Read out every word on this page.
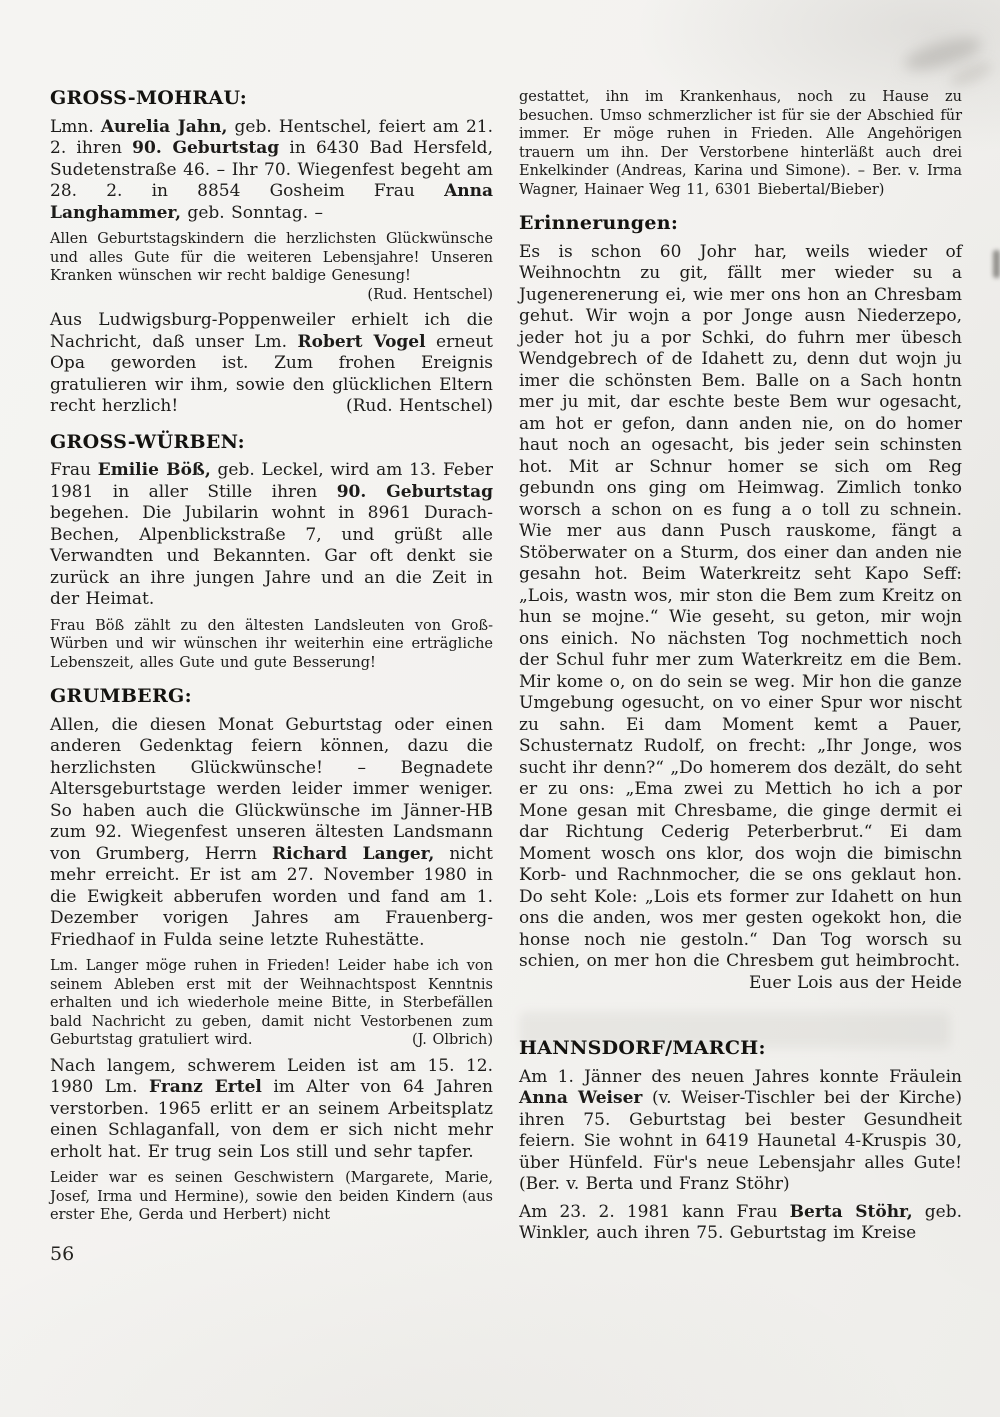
GROSS-MOHRAU:

Lmn. Aurelia Jahn, geb. Hentschel, feiert am 21. 2. ihren 90. Geburtstag in 6430 Bad Hersfeld, Sudetenstraße 46. – Ihr 70. Wiegenfest begeht am 28. 2. in 8854 Gosheim Frau Anna Langhammer, geb. Sonntag. –

Allen Geburtstagskindern die herzlichsten Glückwünsche und alles Gute für die weiteren Lebensjahre! Unseren Kranken wünschen wir recht baldige Genesung!
(Rud. Hentschel)

Aus Ludwigsburg-Poppenweiler erhielt ich die Nachricht, daß unser Lm. Robert Vogel erneut Opa geworden ist. Zum frohen Ereignis gratulieren wir ihm, sowie den glücklichen Eltern recht herzlich!	(Rud. Hentschel)

GROSS-WÜRBEN:

Frau Emilie Böß, geb. Leckel, wird am 13. Feber 1981 in aller Stille ihren 90. Geburtstag begehen. Die Jubilarin wohnt in 8961 Durach-Bechen, Alpenblickstraße 7, und grüßt alle Verwandten und Bekannten. Gar oft denkt sie zurück an ihre jungen Jahre und an die Zeit in der Heimat.

Frau Böß zählt zu den ältesten Landsleuten von Groß-Würben und wir wünschen ihr weiterhin eine erträgliche Lebenszeit, alles Gute und gute Besserung!

GRUMBERG:

Allen, die diesen Monat Geburtstag oder einen anderen Gedenktag feiern können, dazu die herzlichsten Glückwünsche! – Begnadete Altersgeburtstage werden leider immer weniger. So haben auch die Glückwünsche im Jänner-HB zum 92. Wiegenfest unseren ältesten Landsmann von Grumberg, Herrn Richard Langer, nicht mehr erreicht. Er ist am 27. November 1980 in die Ewigkeit abberufen worden und fand am 1. Dezember vorigen Jahres am Frauenberg-Friedhaof in Fulda seine letzte Ruhestätte.

Lm. Langer möge ruhen in Frieden! Leider habe ich von seinem Ableben erst mit der Weihnachtspost Kenntnis erhalten und ich wiederhole meine Bitte, in Sterbefällen bald Nachricht zu geben, damit nicht Vestorbenen zum Geburtstag gratuliert wird.	(J. Olbrich)

Nach langem, schwerem Leiden ist am 15. 12. 1980 Lm. Franz Ertel im Alter von 64 Jahren verstorben. 1965 erlitt er an seinem Arbeitsplatz einen Schlaganfall, von dem er sich nicht mehr erholt hat. Er trug sein Los still und sehr tapfer.

Leider war es seinen Geschwistern (Margarete, Marie, Josef, Irma und Hermine), sowie den beiden Kindern (aus erster Ehe, Gerda und Herbert) nicht

56

gestattet, ihn im Krankenhaus, noch zu Hause zu besuchen. Umso schmerzlicher ist für sie der Abschied für immer. Er möge ruhen in Frieden. Alle Angehörigen trauern um ihn. Der Verstorbene hinterläßt auch drei Enkelkinder (Andreas, Karina und Simone). – Ber. v. Irma Wagner, Hainaer Weg 11, 6301 Biebertal/Bieber)

Erinnerungen:

Es is schon 60 Johr har, weils wieder of Weihnochtn zu git, fällt mer wieder su a Jugenerenerung ei, wie mer ons hon an Chresbam gehut. Wir wojn a por Jonge ausn Niederzepo, jeder hot ju a por Schki, do fuhrn mer übesch Wendgebrech of de Idahett zu, denn dut wojn ju imer die schönsten Bem. Balle on a Sach hontn mer ju mit, dar eschte beste Bem wur ogesacht, am hot er gefon, dann anden nie, on do homer haut noch an ogesacht, bis jeder sein schinsten hot. Mit ar Schnur homer se sich om Reg gebundn ons ging om Heimwag. Zimlich tonko worsch a schon on es fung a o toll zu schnein. Wie mer aus dann Pusch rauskome, fängt a Stöberwater on a Sturm, dos einer dan anden nie gesahn hot. Beim Waterkreitz seht Kapo Seff: „Lois, wastn wos, mir ston die Bem zum Kreitz on hun se mojne.“ Wie geseht, su geton, mir wojn ons einich. No nächsten Tog nochmettich noch der Schul fuhr mer zum Waterkreitz em die Bem. Mir kome o, on do sein se weg. Mir hon die ganze Umgebung ogesucht, on vo einer Spur wor nischt zu sahn. Ei dam Moment kemt a Pauer, Schusternatz Rudolf, on frecht: „Ihr Jonge, wos sucht ihr denn?“ „Do homerem dos dezält, do seht er zu ons: „Ema zwei zu Mettich ho ich a por Mone gesan mit Chresbame, die ginge dermit ei dar Richtung Cederig Peterberbrut.“ Ei dam Moment wosch ons klor, dos wojn die bimischn Korb- und Rachnmocher, die se ons geklaut hon. Do seht Kole: „Lois ets former zur Idahett on hun ons die anden, wos mer gesten ogekokt hon, die honse noch nie gestoln.“ Dan Tog worsch su schien, on mer hon die Chresbem gut heimbrocht.
Euer Lois aus der Heide

HANNSDORF/MARCH:

Am 1. Jänner des neuen Jahres konnte Fräulein Anna Weiser (v. Weiser-Tischler bei der Kirche) ihren 75. Geburtstag bei bester Gesundheit feiern. Sie wohnt in 6419 Haunetal 4-Kruspis 30, über Hünfeld. Für's neue Lebensjahr alles Gute! (Ber. v. Berta und Franz Stöhr)

Am 23. 2. 1981 kann Frau Berta Stöhr, geb. Winkler, auch ihren 75. Geburtstag im Kreise
